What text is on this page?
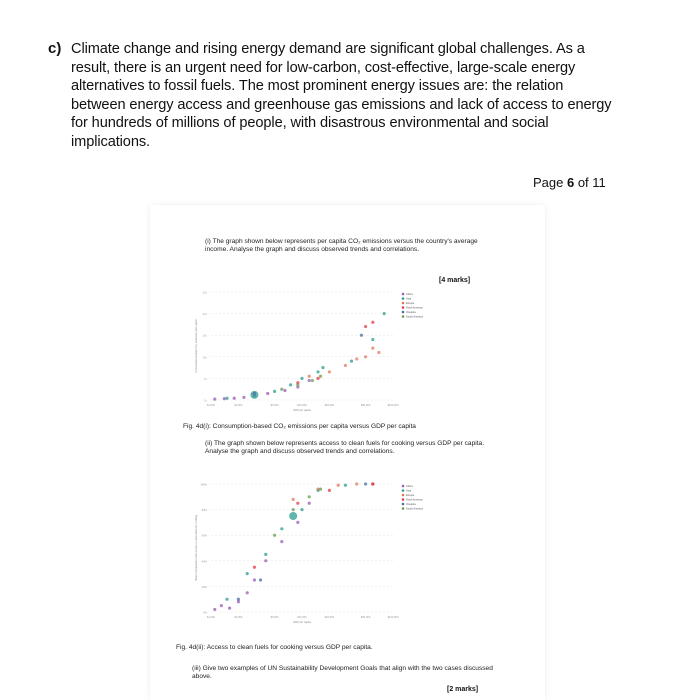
c) Climate change and rising energy demand are significant global challenges. As a result, there is an urgent need for low-carbon, cost-effective, large-scale energy alternatives to fossil fuels. The most prominent energy issues are: the relation between energy access and greenhouse gas emissions and lack of access to energy for hundreds of millions of people, with disastrous environmental and social implications.
Page 6 of 11
(i) The graph shown below represents per capita CO₂ emissions versus the country's average income. Analyse the graph and discuss observed trends and correlations.
[4 marks]
0 t
5 t
10 t
15 t
20 t
25 t
$1,000	$2,000	$5,000	$10,000	$20,000	$50,000	$100,000
GDP per capita
Consumption-based CO₂ emissions per capita
Africa
Asia
Europe
North America
Oceania
South America
Fig. 4d(i): Consumption-based CO₂ emissions per capita versus GDP per capita
(ii) The graph shown below represents access to clean fuels for cooking versus GDP per capita. Analyse the graph and discuss observed trends and correlations.
0%
20%
40%
60%
80%
100%
$1,000	$2,000	$5,000	$10,000	$20,000	$50,000	$100,000
GDP per capita
Share of population with access to clean fuels for cooking
Africa
Asia
Europe
North America
Oceania
South America
Fig. 4d(ii): Access to clean fuels for cooking versus GDP per capita.
(iii) Give two examples of UN Sustainability Development Goals that align with the two cases discussed above.
[2 marks]
